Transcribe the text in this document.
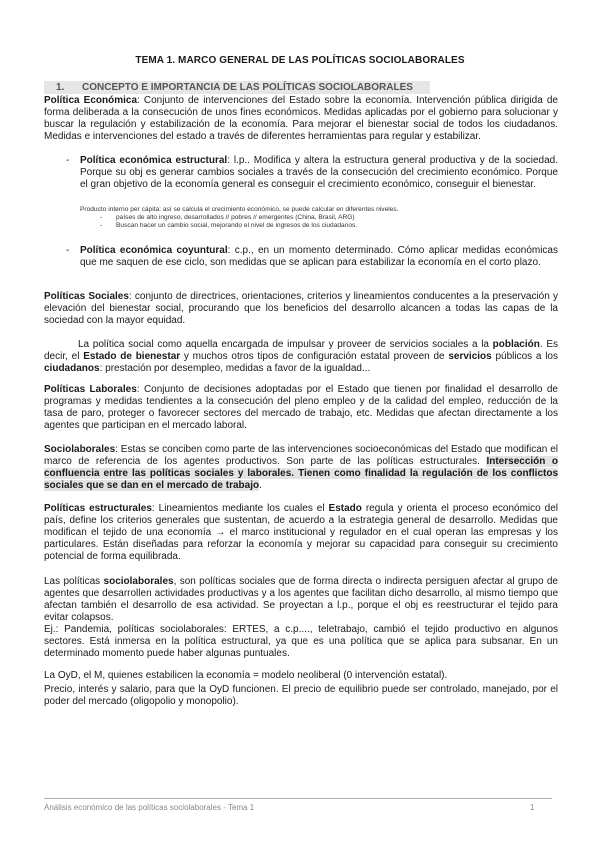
TEMA 1. MARCO GENERAL DE LAS POLÍTICAS SOCIOLABORALES
1. CONCEPTO E IMPORTANCIA DE LAS POLÍTICAS SOCIOLABORALES

Política Económica: Conjunto de intervenciones del Estado sobre la economía. Intervención pública dirigida de forma deliberada a la consecución de unos fines económicos. Medidas aplicadas por el gobierno para solucionar y buscar la regulación y estabilización de la economía. Para mejorar el bienestar social de todos los ciudadanos. Medidas e intervenciones del estado a través de diferentes herramientas para regular y estabilizar.

- Política económica estructural: l.p.. Modifica y altera la estructura general productiva y de la sociedad. Porque su obj es generar cambios sociales a través de la consecución del crecimiento económico. Porque el gran objetivo de la economía general es conseguir el crecimiento económico, conseguir el bienestar.

Producto interno per cápita: así se calcula el crecimiento económico, se puede calcular en diferentes niveles.

- países de alto ingreso, desarrollados // pobres // emergentes (China, Brasil, ARG)

- Buscan hacer un cambio social, mejorando el nivel de ingresos de los ciudadanos.

- Política económica coyuntural: c.p., en un momento determinado. Cómo aplicar medidas económicas que me saquen de ese ciclo, son medidas que se aplican para estabilizar la economía en el corto plazo.

Políticas Sociales: conjunto de directrices, orientaciones, criterios y lineamientos conducentes a la preservación y elevación del bienestar social, procurando que los beneficios del desarrollo alcancen a todas las capas de la sociedad con la mayor equidad.

La política social como aquella encargada de impulsar y proveer de servicios sociales a la población. Es decir, el Estado de bienestar y muchos otros tipos de configuración estatal proveen de servicios públicos a los ciudadanos: prestación por desempleo, medidas a favor de la igualdad...

Políticas Laborales: Conjunto de decisiones adoptadas por el Estado que tienen por finalidad el desarrollo de programas y medidas tendientes a la consecución del pleno empleo y de la calidad del empleo, reducción de la tasa de paro, proteger o favorecer sectores del mercado de trabajo, etc. Medidas que afectan directamente a los agentes que participan en el mercado laboral.

Sociolaborales: Estas se conciben como parte de las intervenciones socioeconómicas del Estado que modifican el marco de referencia de los agentes productivos. Son parte de las políticas estructurales. Intersección o confluencia entre las políticas sociales y laborales. Tienen como finalidad la regulación de los conflictos sociales que se dan en el mercado de trabajo.

Políticas estructurales: Lineamientos mediante los cuales el Estado regula y orienta el proceso económico del país, define los criterios generales que sustentan, de acuerdo a la estrategia general de desarrollo. Medidas que modifican el tejido de una economía → el marco institucional y regulador en el cual operan las empresas y los particulares. Están diseñadas para reforzar la economía y mejorar su capacidad para conseguir su crecimiento potencial de forma equilibrada.

Las políticas sociolaborales, son políticas sociales que de forma directa o indirecta persiguen afectar al grupo de agentes que desarrollen actividades productivas y a los agentes que facilitan dicho desarrollo, al mismo tiempo que afectan también el desarrollo de esa actividad. Se proyectan a l.p., porque el obj es reestructurar el tejido para evitar colapsos.

Ej.: Pandemia, políticas sociolaborales: ERTES, a c.p...., teletrabajo, cambió el tejido productivo en algunos sectores. Está inmersa en la política estructural, ya que es una política que se aplica para subsanar. En un determinado momento puede haber algunas puntuales.

La OyD, el M, quienes estabilicen la economía = modelo neoliberal (0 intervención estatal).

Precio, interés y salario, para que la OyD funcionen. El precio de equilibrio puede ser controlado, manejado, por el poder del mercado (oligopolio y monopolio).

Análisis económico de las políticas sociolaborales - Tema 1	1
